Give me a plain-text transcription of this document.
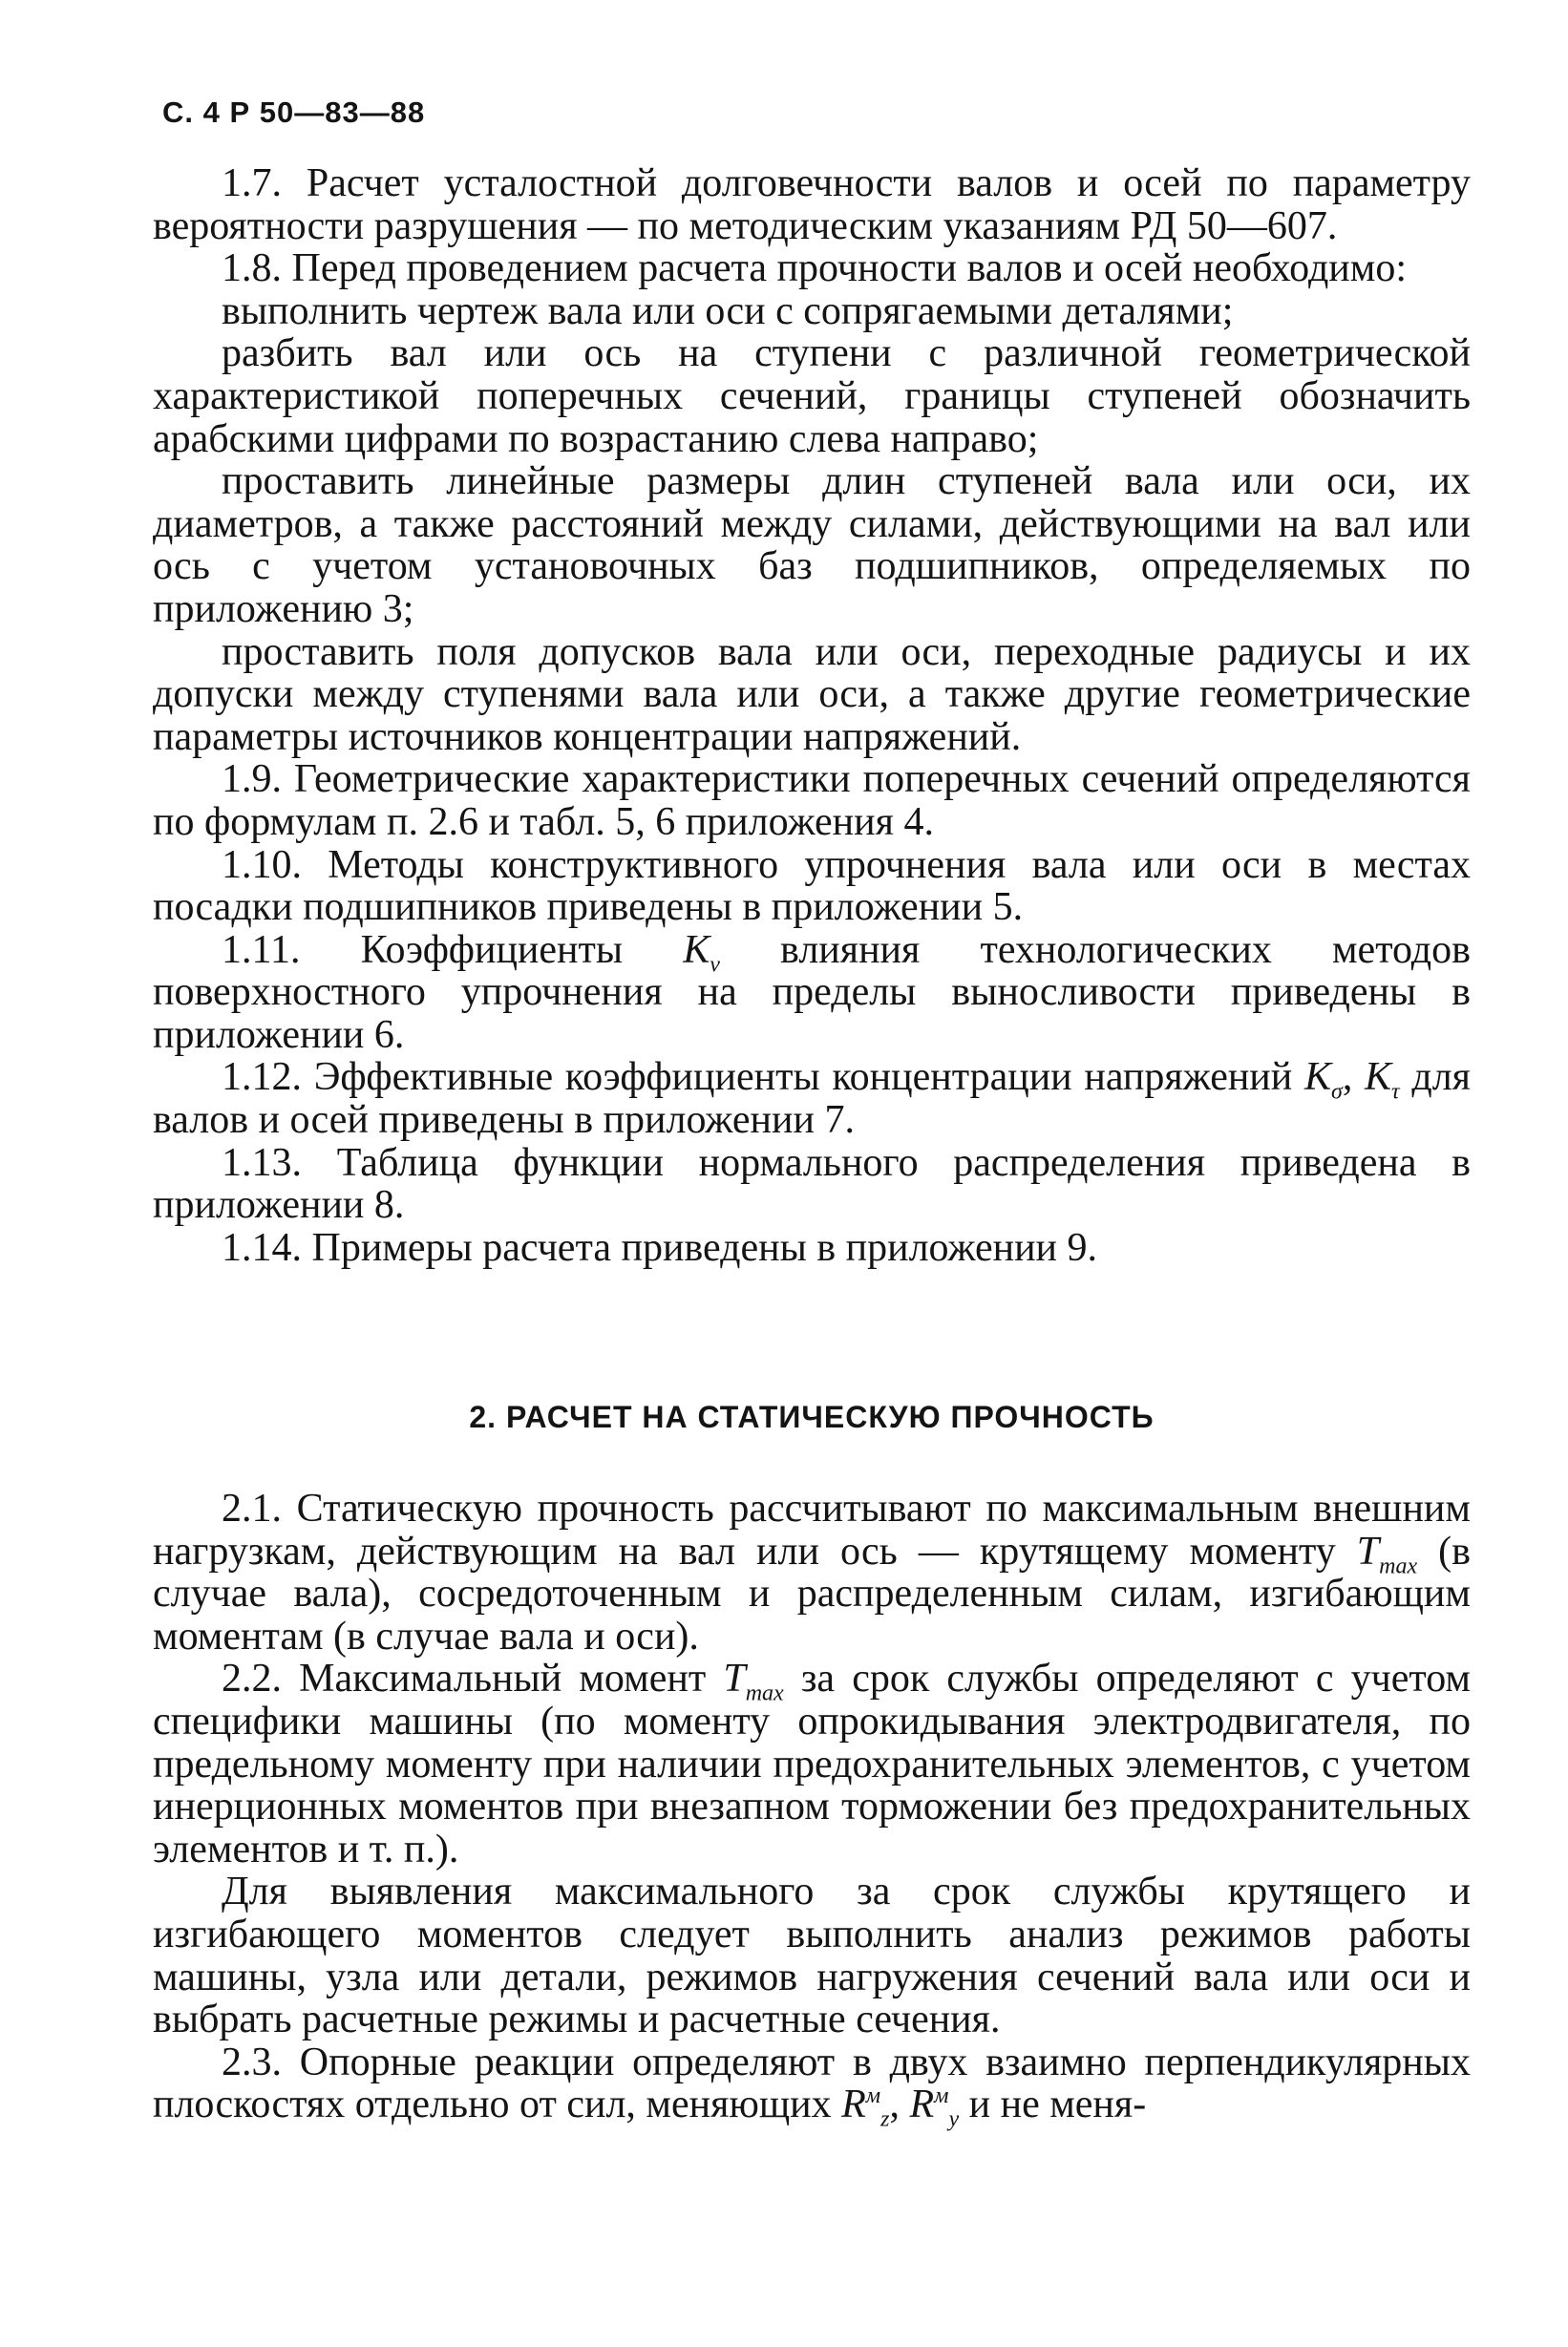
С. 4 Р 50—83—88

1.7. Расчет усталостной долговечности валов и осей по параметру вероятности разрушения — по методическим указаниям РД 50—607.

1.8. Перед проведением расчета прочности валов и осей необходимо:

выполнить чертеж вала или оси с сопрягаемыми деталями;

разбить вал или ось на ступени с различной геометрической характеристикой поперечных сечений, границы ступеней обозначить арабскими цифрами по возрастанию слева направо;

проставить линейные размеры длин ступеней вала или оси, их диаметров, а также расстояний между силами, действующими на вал или ось с учетом установочных баз подшипников, определяемых по приложению 3;

проставить поля допусков вала или оси, переходные радиусы и их допуски между ступенями вала или оси, а также другие геометрические параметры источников концентрации напряжений.

1.9. Геометрические характеристики поперечных сечений определяются по формулам п. 2.6 и табл. 5, 6 приложения 4.

1.10. Методы конструктивного упрочнения вала или оси в местах посадки подшипников приведены в приложении 5.

1.11. Коэффициенты $K_v$ влияния технологических методов поверхностного упрочнения на пределы выносливости приведены в приложении 6.

1.12. Эффективные коэффициенты концентрации напряжений $K_\sigma$, $K_\tau$ для валов и осей приведены в приложении 7.

1.13. Таблица функции нормального распределения приведена в приложении 8.

1.14. Примеры расчета приведены в приложении 9.

2. РАСЧЕТ НА СТАТИЧЕСКУЮ ПРОЧНОСТЬ

2.1. Статическую прочность рассчитывают по максимальным внешним нагрузкам, действующим на вал или ось — крутящему моменту $T_{max}$ (в случае вала), сосредоточенным и распределенным силам, изгибающим моментам (в случае вала и оси).

2.2. Максимальный момент $T_{max}$ за срок службы определяют с учетом специфики машины (по моменту опрокидывания электродвигателя, по предельному моменту при наличии предохранительных элементов, с учетом инерционных моментов при внезапном торможении без предохранительных элементов и т. п.).

Для выявления максимального за срок службы крутящего и изгибающего моментов следует выполнить анализ режимов работы машины, узла или детали, режимов нагружения сечений вала или оси и выбрать расчетные режимы и расчетные сечения.

2.3. Опорные реакции определяют в двух взаимно перпендикулярных плоскостях отдельно от сил, меняющих $R^м_z$, $R^м_y$ и не меня-
